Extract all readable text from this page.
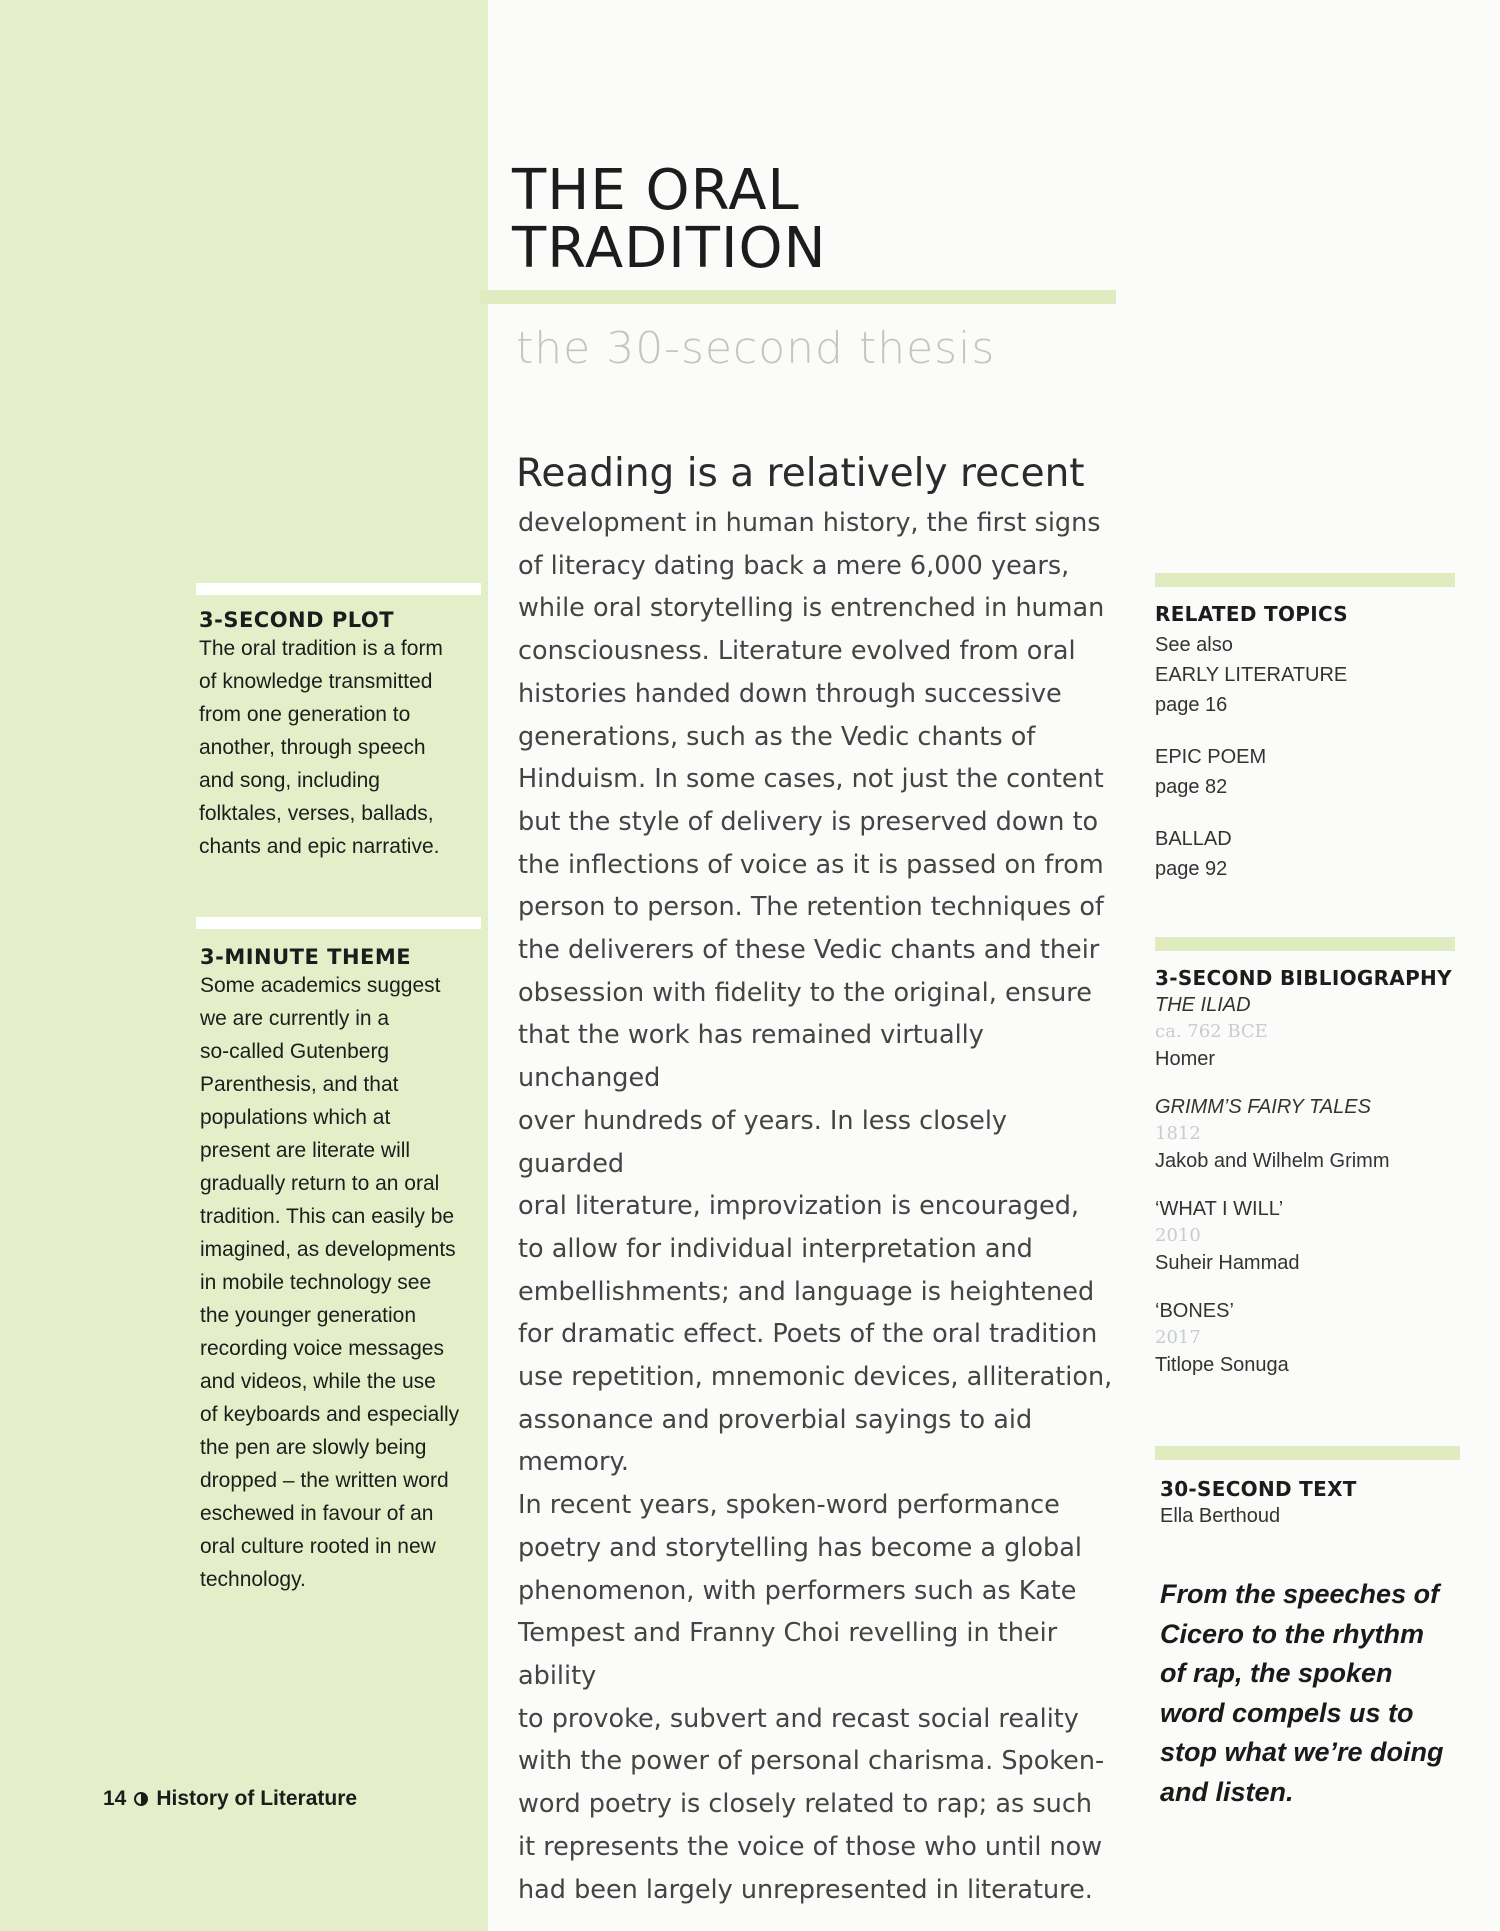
THE ORAL
TRADITION
the 30-second thesis
Reading is a relatively recent

development in human history, the first signs

of literacy dating back a mere 6,000 years,

while oral storytelling is entrenched in human

consciousness. Literature evolved from oral

histories handed down through successive

generations, such as the Vedic chants of

Hinduism. In some cases, not just the content

but the style of delivery is preserved down to

the inflections of voice as it is passed on from

person to person. The retention techniques of

the deliverers of these Vedic chants and their

obsession with fidelity to the original, ensure

that the work has remained virtually unchanged

over hundreds of years. In less closely guarded

oral literature, improvization is encouraged,

to allow for individual interpretation and

embellishments; and language is heightened

for dramatic effect. Poets of the oral tradition

use repetition, mnemonic devices, alliteration,

assonance and proverbial sayings to aid memory.

In recent years, spoken-word performance

poetry and storytelling has become a global

phenomenon, with performers such as Kate

Tempest and Franny Choi revelling in their ability

to provoke, subvert and recast social reality

with the power of personal charisma. Spoken-

word poetry is closely related to rap; as such

it represents the voice of those who until now

had been largely unrepresented in literature.

3-SECOND PLOT

The oral tradition is a form

of knowledge transmitted

from one generation to

another, through speech

and song, including

folktales, verses, ballads,

chants and epic narrative.

3-MINUTE THEME

Some academics suggest

we are currently in a

so-called Gutenberg

Parenthesis, and that

populations which at

present are literate will

gradually return to an oral

tradition. This can easily be

imagined, as developments

in mobile technology see

the younger generation

recording voice messages

and videos, while the use

of keyboards and especially

the pen are slowly being

dropped – the written word

eschewed in favour of an

oral culture rooted in new

technology.

RELATED TOPICS
See also
EARLY LITERATURE
page 16
EPIC POEM
page 82
BALLAD
page 92
3-SECOND BIBLIOGRAPHY
THE ILIAD
ca. 762 BCE
Homer
GRIMM’S FAIRY TALES
1812
Jakob and Wilhelm Grimm
‘WHAT I WILL’
2010
Suheir Hammad
‘BONES’
2017
Titlope Sonuga
30-SECOND TEXT
Ella Berthoud
From the speeches of
Cicero to the rhythm
of rap, the spoken
word compels us to
stop what we’re doing
and listen.
14 History of Literature
